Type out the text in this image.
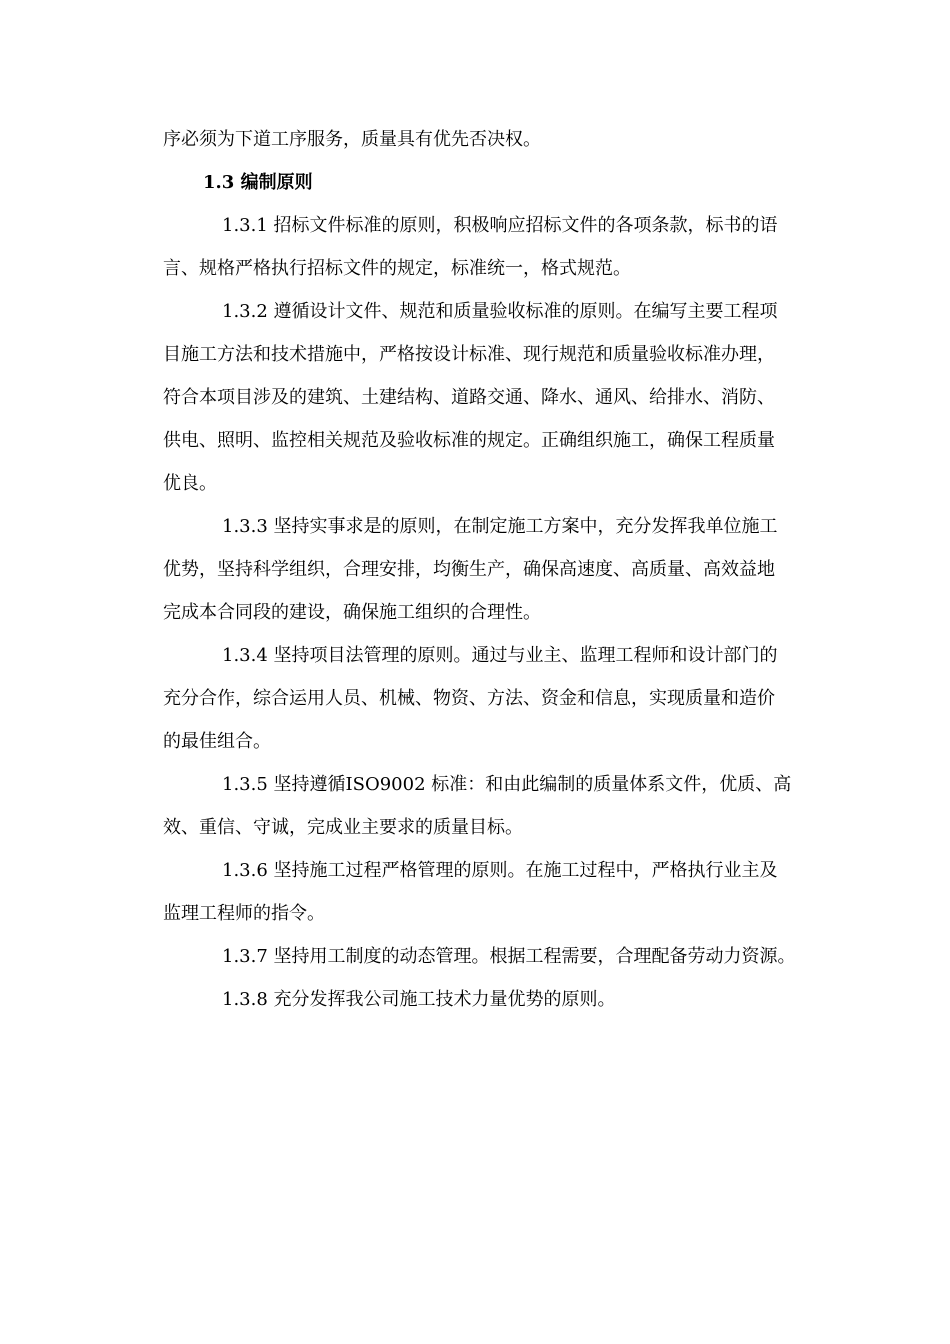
序必须为下道工序服务，质量具有优先否决权。
1.3 编制原则
1.3.1 招标文件标准的原则，积极响应招标文件的各项条款，标书的语
言、规格严格执行招标文件的规定，标准统一，格式规范。
1.3.2 遵循设计文件、规范和质量验收标准的原则。在编写主要工程项
目施工方法和技术措施中，严格按设计标准、现行规范和质量验收标准办理，
符合本项目涉及的建筑、土建结构、道路交通、降水、通风、给排水、消防、
供电、照明、监控相关规范及验收标准的规定。正确组织施工，确保工程质量
优良。
1.3.3 坚持实事求是的原则，在制定施工方案中，充分发挥我单位施工
优势，坚持科学组织，合理安排，均衡生产，确保高速度、高质量、高效益地
完成本合同段的建设，确保施工组织的合理性。
1.3.4 坚持项目法管理的原则。通过与业主、监理工程师和设计部门的
充分合作，综合运用人员、机械、物资、方法、资金和信息，实现质量和造价
的最佳组合。
1.3.5 坚持遵循ISO9002 标准：和由此编制的质量体系文件，优质、高
效、重信、守诚，完成业主要求的质量目标。
1.3.6 坚持施工过程严格管理的原则。在施工过程中，严格执行业主及
监理工程师的指令。
1.3.7 坚持用工制度的动态管理。根据工程需要，合理配备劳动力资源。
1.3.8 充分发挥我公司施工技术力量优势的原则。
